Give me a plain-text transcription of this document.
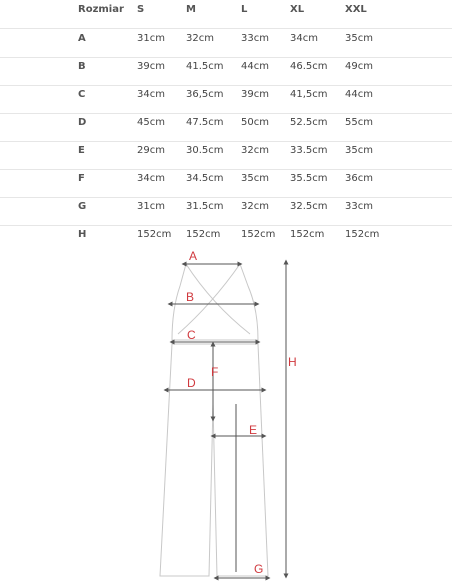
Rozmiar S	M	L	XL	XXL
A	31cm 32cm	33cm 34cm	35cm
B	39cm 41.5cm 44cm 46.5cm 49cm
C	34cm 36,5cm 39cm 41,5cm 44cm
D	45cm 47.5cm 50cm 52.5cm 55cm
E	29cm 30.5cm 32cm 33.5cm 35cm
F	34cm 34.5cm 35cm 35.5cm 36cm
G	31cm 31.5cm 32cm 32.5cm 33cm
H	152cm 152cm 152cm 152cm 152cm
A
B
C
D
E
F
G
H
